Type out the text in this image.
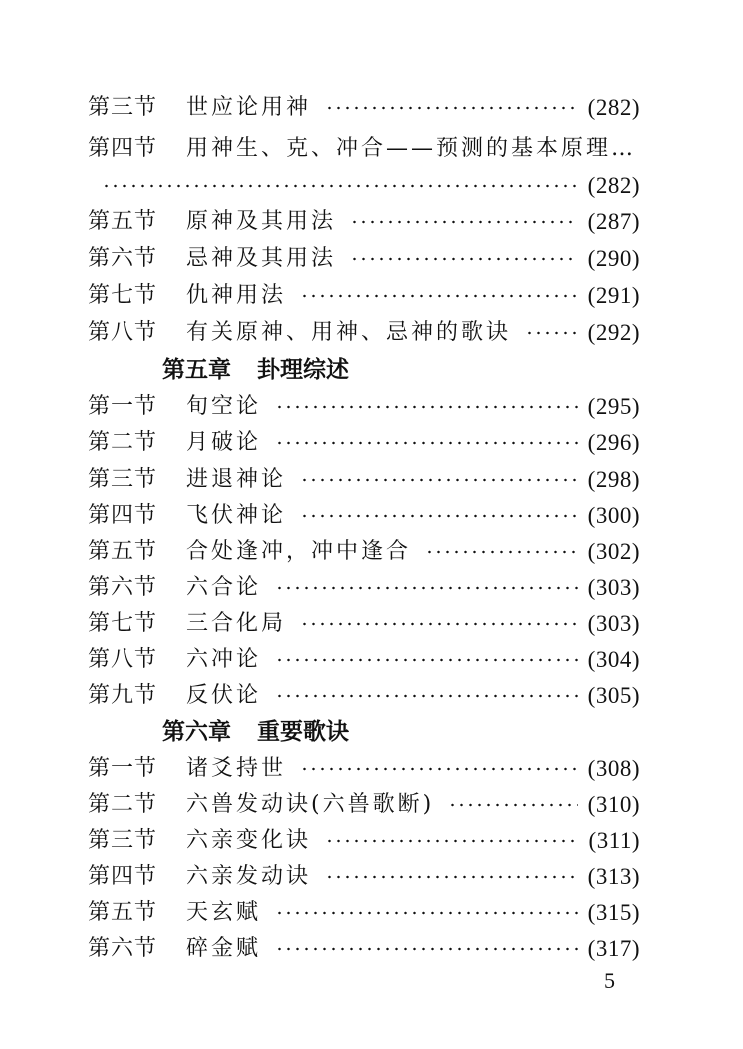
第三节	世应论用神	(282)
第四节	用神生、克、冲合——预测的基本原理…
(282)
第五节	原神及其用法	(287)
第六节	忌神及其用法	(290)
第七节	仇神用法	(291)
第八节	有关原神、用神、忌神的歌诀	(292)
第五章 卦理综述
第一节	旬空论	(295)
第二节	月破论	(296)
第三节	进退神论	(298)
第四节	飞伏神论	(300)
第五节	合处逢冲，冲中逢合	(302)
第六节	六合论	(303)
第七节	三合化局	(303)
第八节	六冲论	(304)
第九节	反伏论	(305)
第六章 重要歌诀
第一节	诸爻持世	(308)
第二节	六兽发动诀(六兽歌断)	(310)
第三节	六亲变化诀	(311)
第四节	六亲发动诀	(313)
第五节	天玄赋	(315)
第六节	碎金赋	(317)
5
